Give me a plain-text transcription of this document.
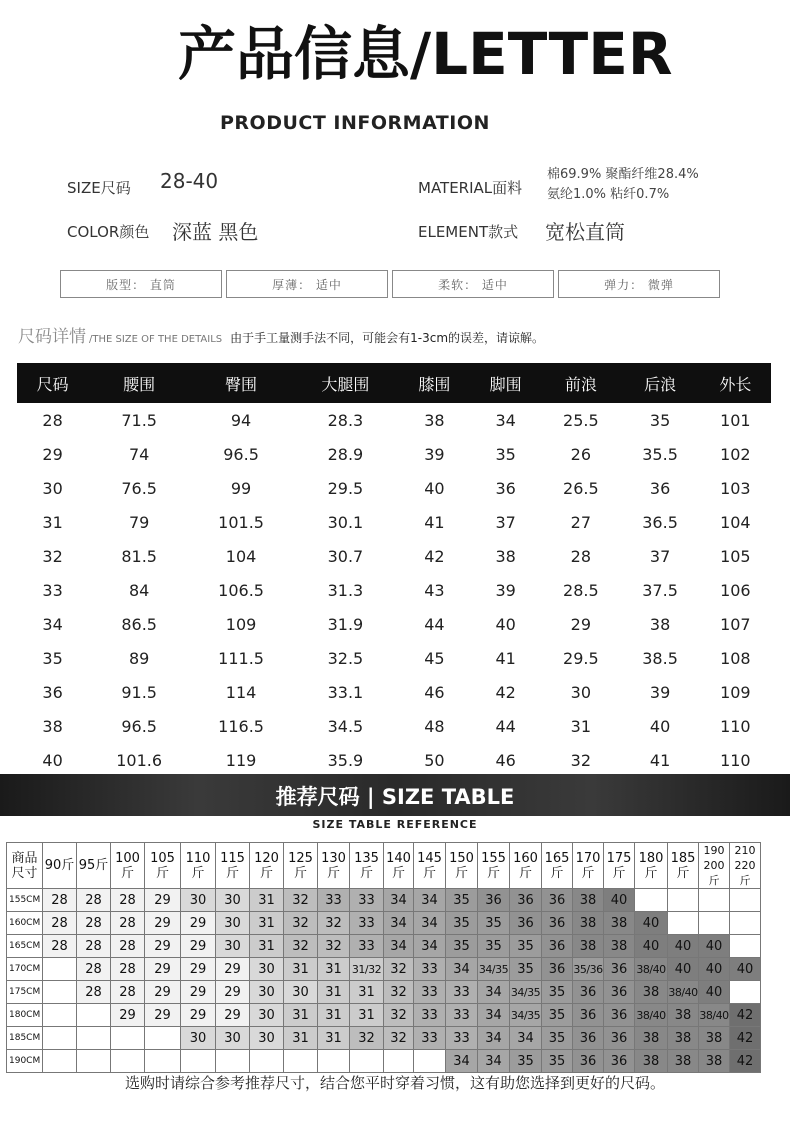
产品信息/LETTER
PRODUCT INFORMATION
SIZE尺码 28-40
COLOR颜色 深蓝 黑色
MATERIAL面料
棉69.9% 聚酯纤维28.4%
氨纶1.0% 粘纤0.7%
ELEMENT款式 宽松直筒
版型： 直筒	厚薄： 适中	柔软： 适中	弹力： 微弹
尺码详情 /THE SIZE OF THE DETAILS 由于手工量测手法不同，可能会有1-3cm的误差，请谅解。
尺码	腰围	臀围	大腿围	膝围	脚围	前浪	后浪	外长
28	71.5	94	28.3	38	34	25.5	35	101
29	74	96.5	28.9	39	35	26	35.5	102
30	76.5	99	29.5	40	36	26.5	36	103
31	79	101.5	30.1	41	37	27	36.5	104
32	81.5	104	30.7	42	38	28	37	105
33	84	106.5	31.3	43	39	28.5	37.5	106
34	86.5	109	31.9	44	40	29	38	107
35	89	111.5	32.5	45	41	29.5	38.5	108
36	91.5	114	33.1	46	42	30	39	109
38	96.5	116.5	34.5	48	44	31	40	110
40	101.6	119	35.9	50	46	32	41	110
推荐尺码 | SIZE TABLE
SIZE TABLE REFERENCE
商品尺寸	90斤	95斤	100斤	105斤	110斤	115斤	120斤	125斤	130斤	135斤	140斤	145斤	150斤	155斤	160斤	165斤	170斤	175斤	180斤	185斤	190 200斤	210 220斤
155CM	28	28	28	29	30	30	31	32	33	33	34	34	35	36	36	36	38	40				
160CM	28	28	28	29	29	30	31	32	32	33	34	34	35	35	36	36	38	38	40			
165CM	28	28	28	29	29	30	31	32	32	33	34	34	35	35	35	36	38	38	40	40	40	
170CM		28	28	29	29	29	30	31	31	31/32	32	33	34	34/35	35	36	35/36	36	38/40	40	40	40
175CM		28	28	29	29	29	30	30	31	31	32	33	33	34	34/35	35	36	36	38	38/40	40	
180CM			29	29	29	29	30	31	31	31	32	33	33	34	34/35	35	36	36	38/40	38	38/40	42
185CM					30	30	30	31	31	32	32	33	33	34	34	35	36	36	38	38	38	42
190CM													34	34	35	35	36	36	38	38	38	42
选购时请综合参考推荐尺寸，结合您平时穿着习惯，这有助您选择到更好的尺码。
